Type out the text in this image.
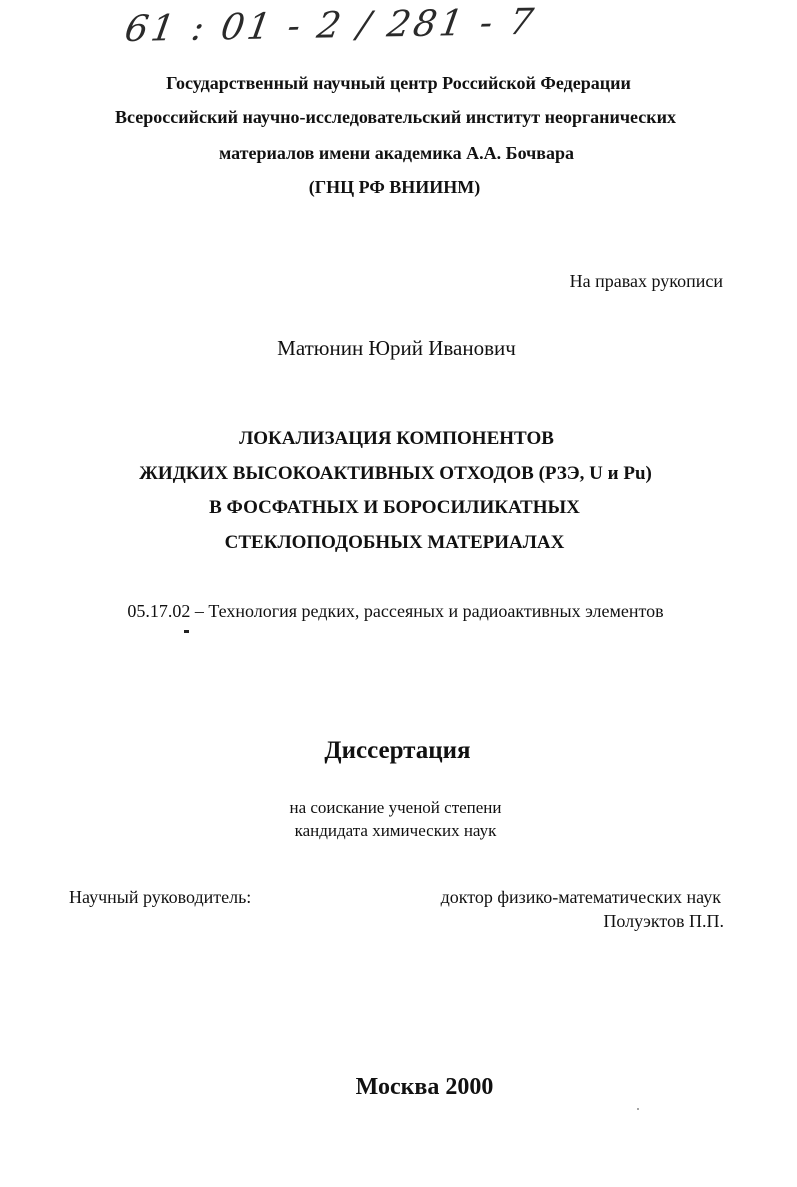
61 : 01 - 2 / 281 - 7
Государственный научный центр Российской Федерации
Всероссийский научно-исследовательский институт неорганических
материалов имени академика А.А. Бочвара
(ГНЦ РФ ВНИИНМ)
На правах рукописи
Матюнин Юрий Иванович
ЛОКАЛИЗАЦИЯ КОМПОНЕНТОВ
ЖИДКИХ ВЫСОКОАКТИВНЫХ ОТХОДОВ (РЗЭ, U и Pu)
В ФОСФАТНЫХ И БОРОСИЛИКАТНЫХ
СТЕКЛОПОДОБНЫХ МАТЕРИАЛАХ
05.17.02 – Технология редких, рассеяных и радиоактивных элементов
Диссертация
на соискание ученой степени
кандидата химических наук
Научный руководитель:	доктор физико-математических наук
Полуэктов П.П.
Москва 2000
